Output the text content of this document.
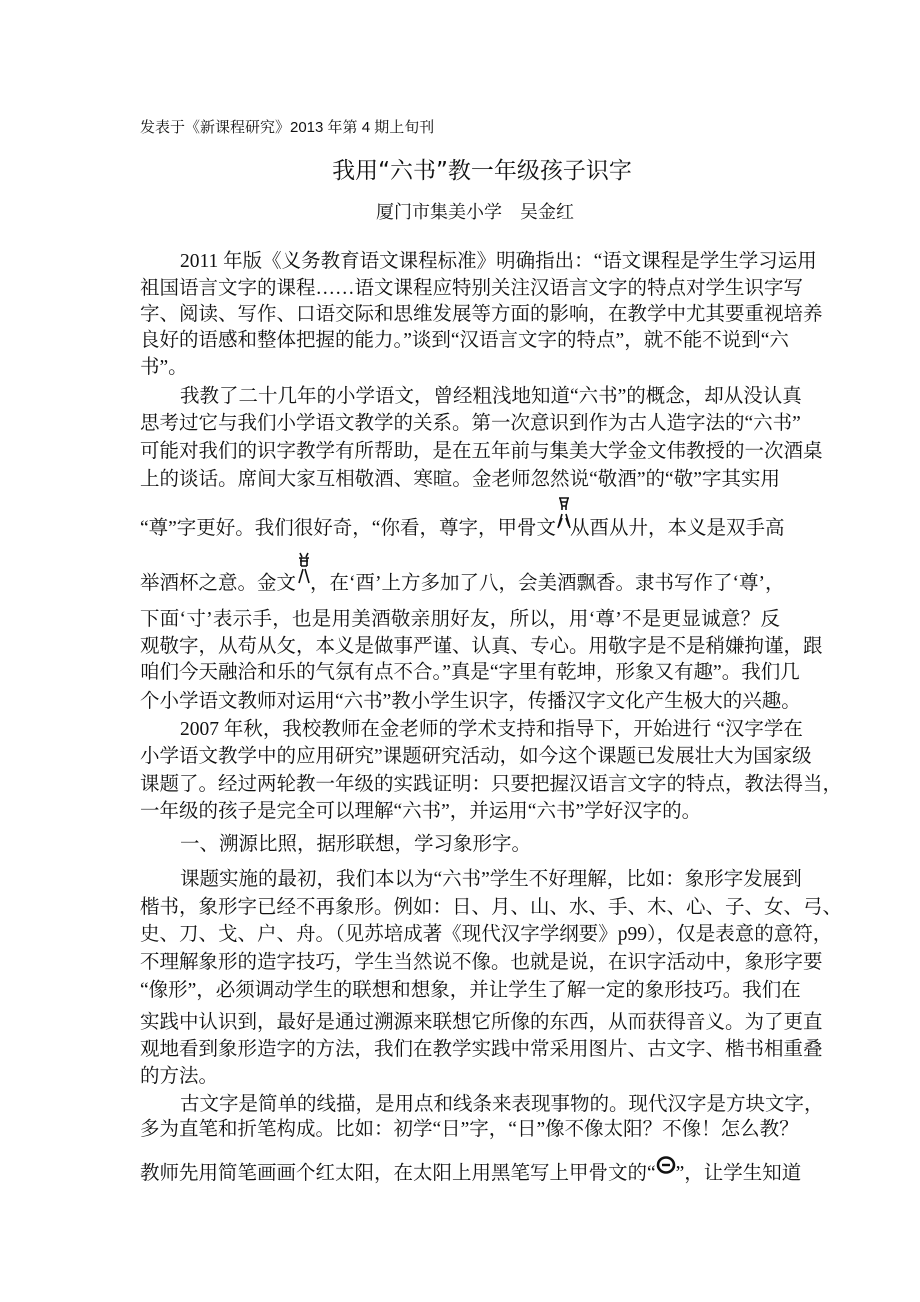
发表于《新课程研究》2013 年第 4 期上旬刊
我用“六书”教一年级孩子识字
厦门市集美小学　吴金红
2011 年版《义务教育语文课程标准》明确指出：“语文课程是学生学习运用
祖国语言文字的课程……语文课程应特别关注汉语言文字的特点对学生识字写
字、阅读、写作、口语交际和思维发展等方面的影响，在教学中尤其要重视培养
良好的语感和整体把握的能力。”谈到“汉语言文字的特点”，就不能不说到“六
书”。
我教了二十几年的小学语文，曾经粗浅地知道“六书”的概念，却从没认真
思考过它与我们小学语文教学的关系。第一次意识到作为古人造字法的“六书”
可能对我们的识字教学有所帮助，是在五年前与集美大学金文伟教授的一次酒桌
上的谈话。席间大家互相敬酒、寒暄。金老师忽然说“敬酒”的“敬”字其实用
“尊”字更好。我们很好奇，“你看，尊字，甲骨文 从酉从廾，本义是双手高
举酒杯之意。金文 ，在‘酉’上方多加了八，会美酒飘香。隶书写作了‘尊’，
下面‘寸’表示手，也是用美酒敬亲朋好友，所以，用‘尊’不是更显诚意？反
观敬字，从苟从攵，本义是做事严谨、认真、专心。用敬字是不是稍嫌拘谨，跟
咱们今天融洽和乐的气氛有点不合。”真是“字里有乾坤，形象又有趣”。我们几
个小学语文教师对运用“六书”教小学生识字，传播汉字文化产生极大的兴趣。
2007 年秋，我校教师在金老师的学术支持和指导下，开始进行 “汉字学在
小学语文教学中的应用研究”课题研究活动，如今这个课题已发展壮大为国家级
课题了。经过两轮教一年级的实践证明：只要把握汉语言文字的特点，教法得当，
一年级的孩子是完全可以理解“六书”，并运用“六书”学好汉字的。
一、溯源比照，据形联想，学习象形字。
课题实施的最初，我们本以为“六书”学生不好理解，比如：象形字发展到
楷书，象形字已经不再象形。例如：日、月、山、水、手、木、心、子、女、弓、
史、刀、戈、户、舟。（见苏培成著《现代汉字学纲要》p99），仅是表意的意符，
不理解象形的造字技巧，学生当然说不像。也就是说，在识字活动中，象形字要
“像形”，必须调动学生的联想和想象，并让学生了解一定的象形技巧。我们在
实践中认识到，最好是通过溯源来联想它所像的东西，从而获得音义。为了更直
观地看到象形造字的方法，我们在教学实践中常采用图片、古文字、楷书相重叠
的方法。
古文字是简单的线描，是用点和线条来表现事物的。现代汉字是方块文字，
多为直笔和折笔构成。比如：初学“日”字，“日”像不像太阳？不像！怎么教？
教师先用简笔画画个红太阳，在太阳上用黑笔写上甲骨文的“ ”，让学生知道
